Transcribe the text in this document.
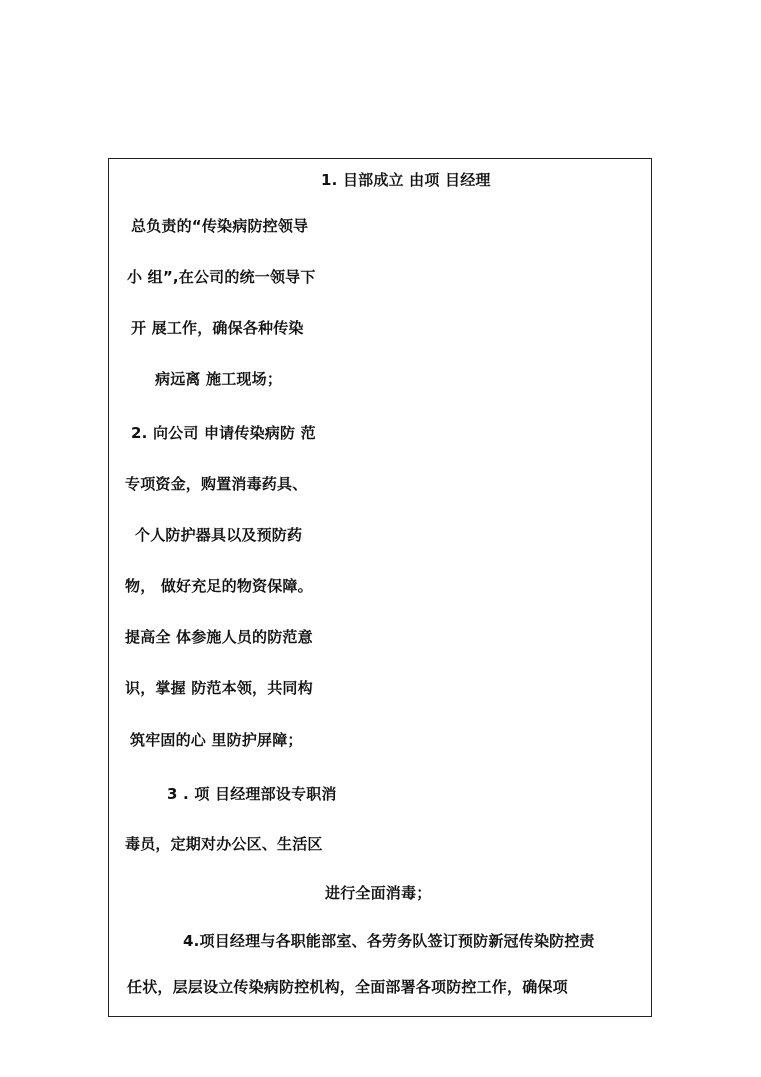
1. 目部成立 由项 目经理
总负责的“传染病防控领导
小 组”,在公司的统一领导下
开 展工作，确保各种传染
病远离 施工现场；
2. 向公司 申请传染病防 范
专项资金，购置消毒药具、
个人防护器具以及预防药
物， 做好充足的物资保障。
提高全 体参施人员的防范意
识，掌握 防范本领，共同构
筑牢固的心 里防护屏障；
3 . 项 目经理部设专职消
毒员，定期对办公区、生活区
进行全面消毒；
4.项目经理与各职能部室、各劳务队签订预防新冠传染防控责
任状，层层设立传染病防控机构，全面部署各项防控工作，确保项
